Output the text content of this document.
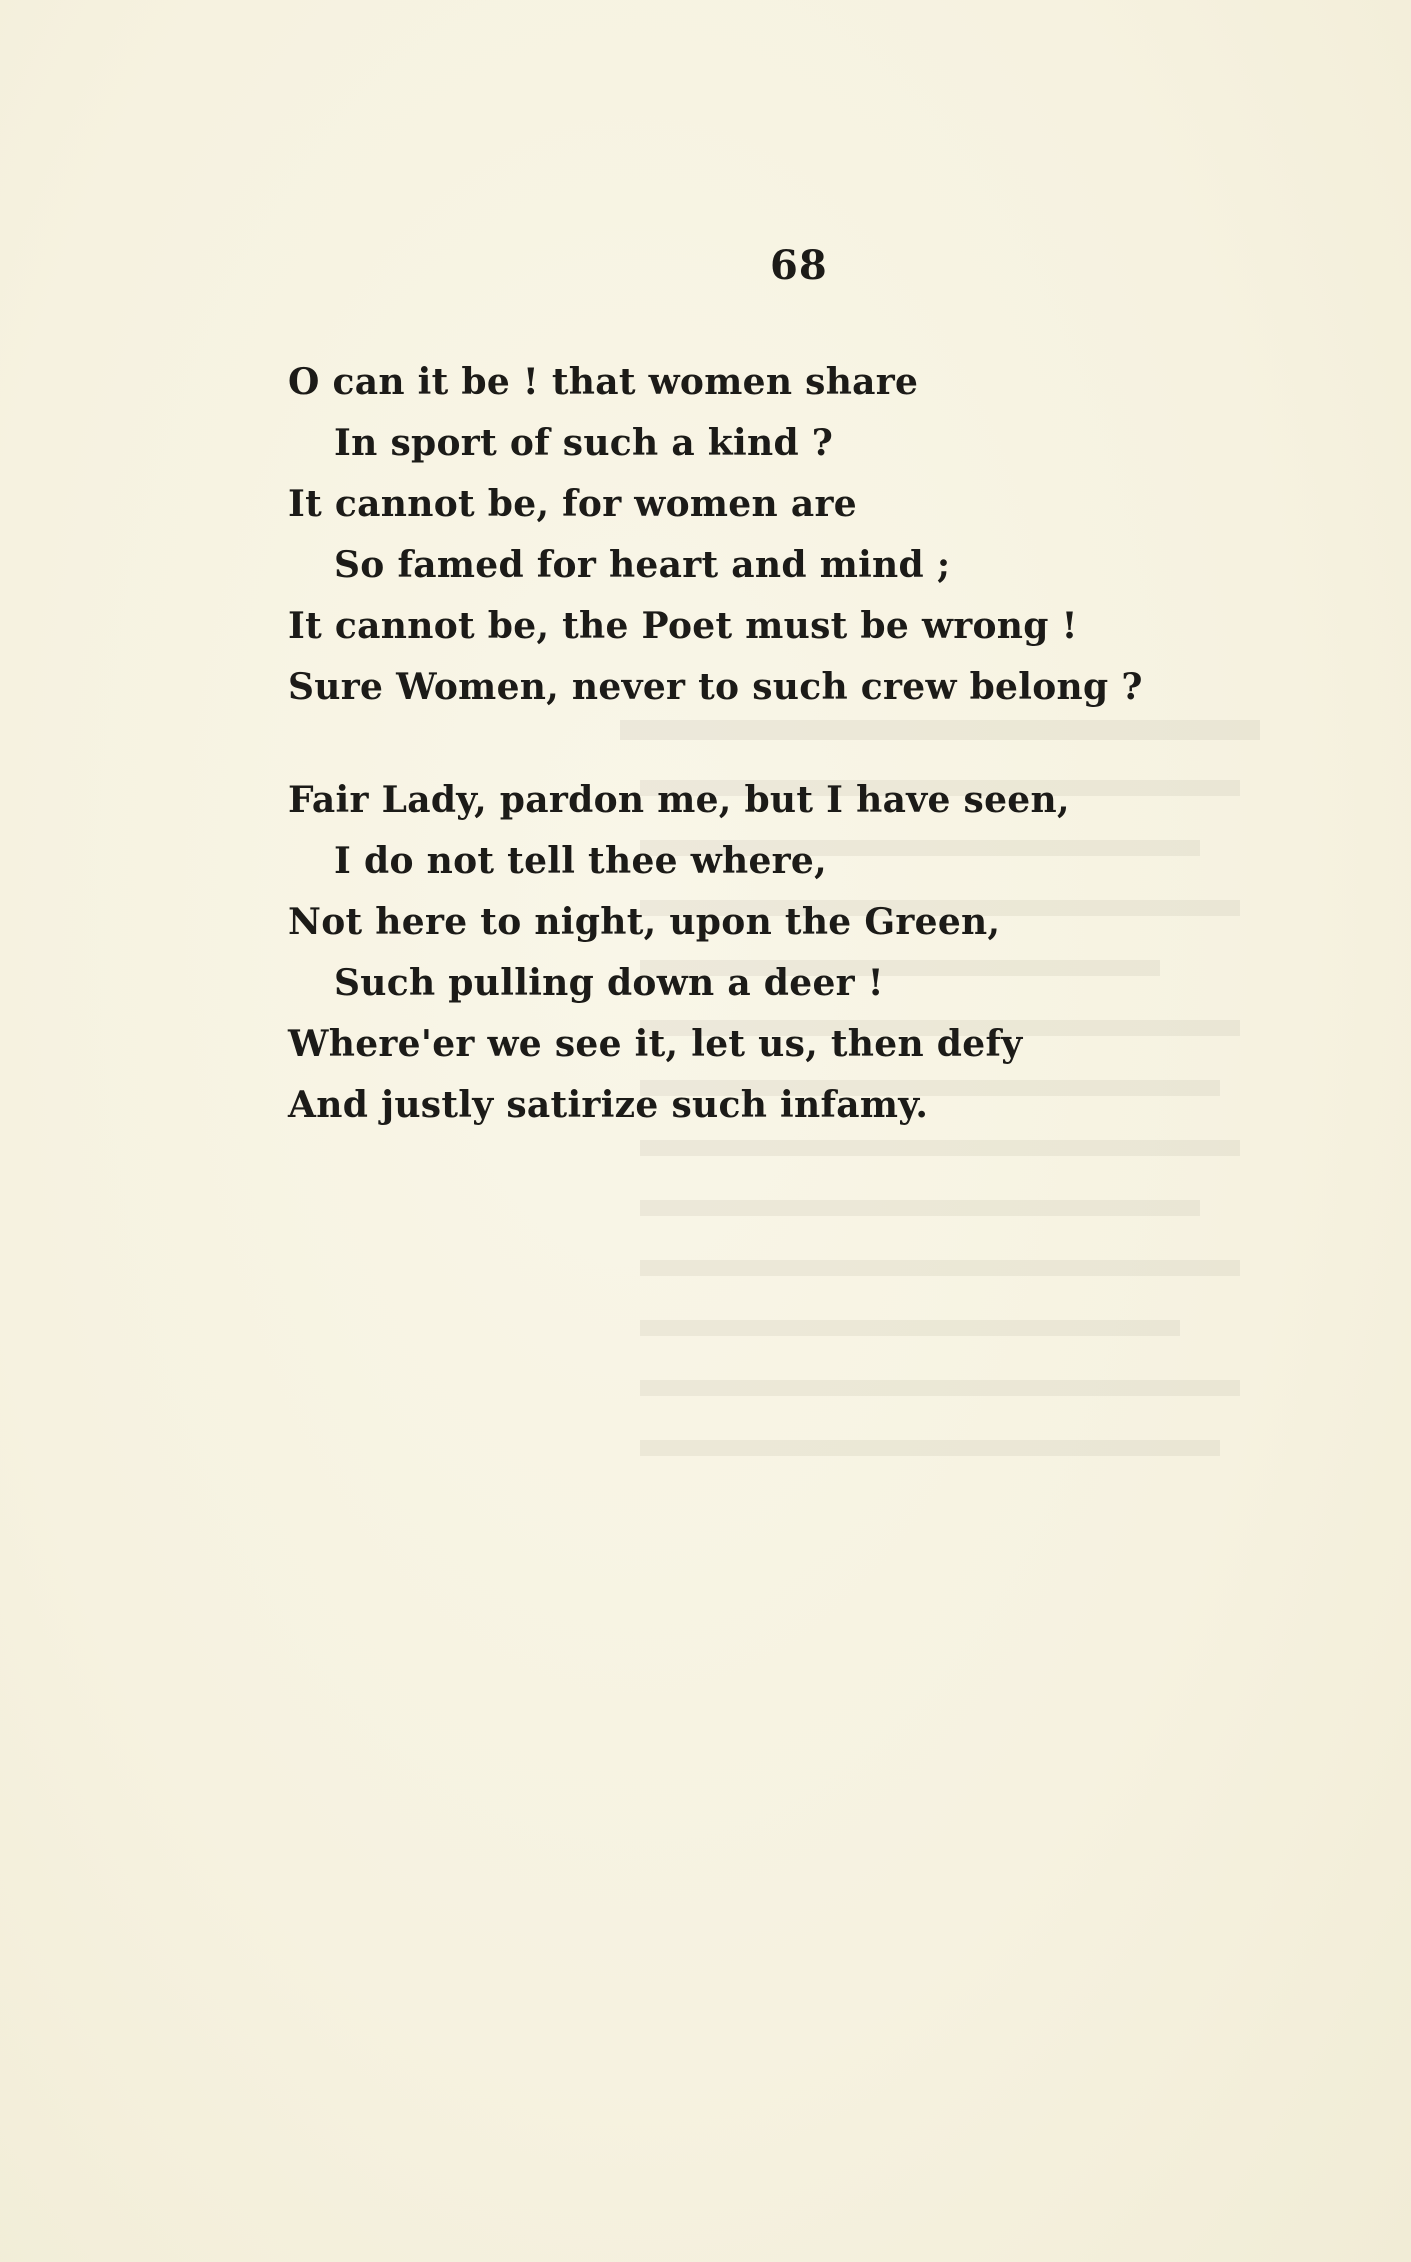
68
O can it be ! that women share
In sport of such a kind ?
It cannot be, for women are
So famed for heart and mind ;
It cannot be, the Poet must be wrong !
Sure Women, never to such crew belong ?
Fair Lady, pardon me, but I have seen,
I do not tell thee where,
Not here to night, upon the Green,
Such pulling down a deer !
Where'er we see it, let us, then defy
And justly satirize such infamy.
